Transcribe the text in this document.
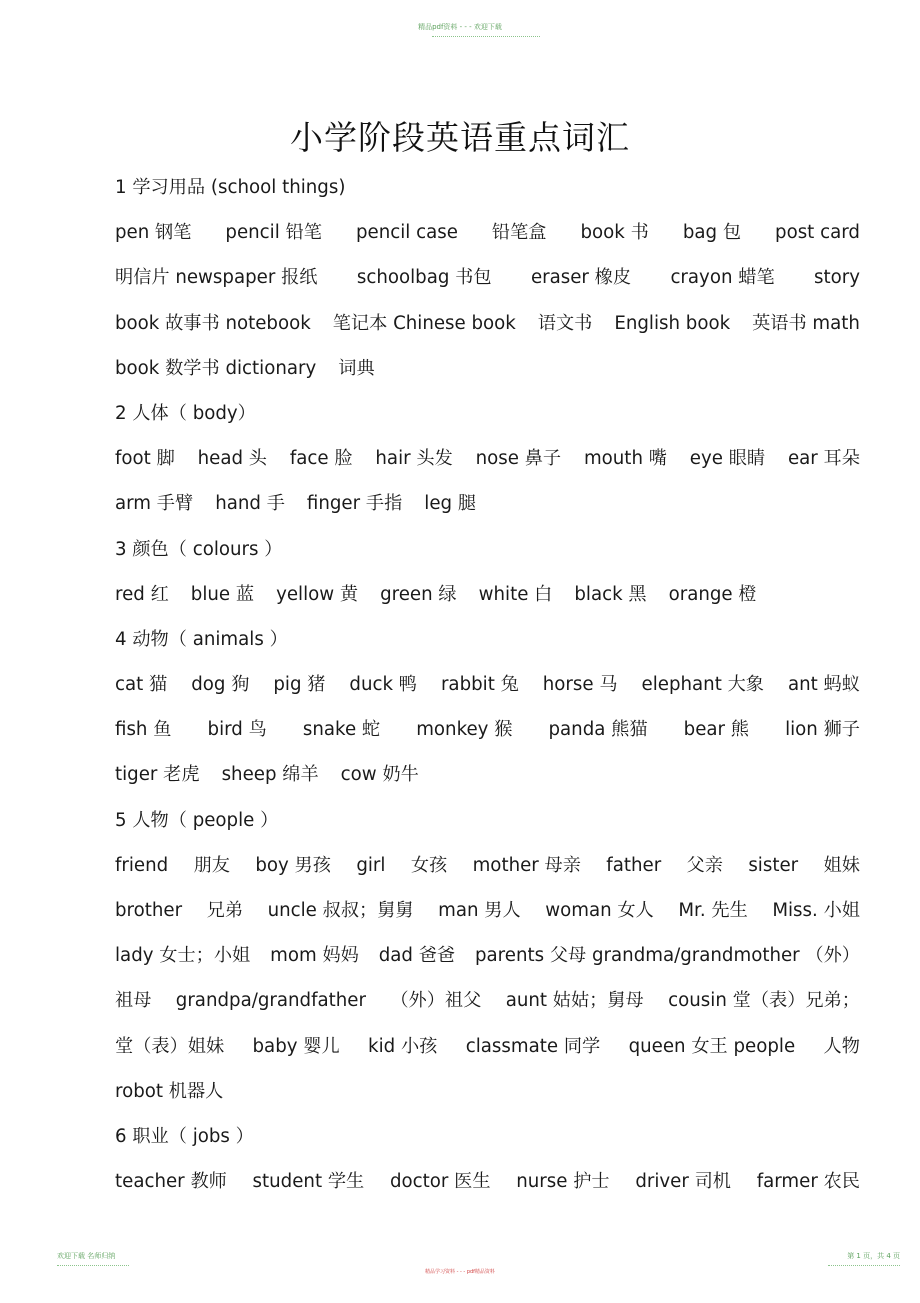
精品pdf资料 - - - 欢迎下载
小学阶段英语重点词汇
1 学习用品 (school things)
pen 钢笔 pencil 铅笔 pencil case 铅笔盒 book 书 bag 包 post card
明信片 newspaper 报纸 schoolbag 书包 eraser 橡皮 crayon 蜡笔 story
book 故事书 notebook 笔记本 Chinese book 语文书 English book 英语书 math
book 数学书 dictionary 词典
2 人体（ body）
foot 脚 head 头 face 脸 hair 头发 nose 鼻子 mouth 嘴 eye 眼睛 ear 耳朵
arm 手臂 hand 手 finger 手指 leg 腿
3 颜色（ colours ）
red 红 blue 蓝 yellow 黄 green 绿 white 白 black 黑 orange 橙
4 动物（ animals ）
cat 猫 dog 狗 pig 猪 duck 鸭 rabbit 兔 horse 马 elephant 大象 ant 蚂蚁
fish 鱼 bird 鸟 snake 蛇 monkey 猴 panda 熊猫 bear 熊 lion 狮子
tiger 老虎 sheep 绵羊 cow 奶牛
5 人物（ people ）
friend 朋友 boy 男孩 girl 女孩 mother 母亲 father 父亲 sister 姐妹
brother 兄弟 uncle 叔叔；舅舅 man 男人 woman 女人 Mr. 先生 Miss. 小姐
lady 女士；小姐 mom 妈妈 dad 爸爸 parents 父母 grandma/grandmother （外）
祖母 grandpa/grandfather （外）祖父 aunt 姑姑；舅母 cousin 堂（表）兄弟；
堂（表）姐妹 baby 婴儿 kid 小孩 classmate 同学 queen 女王 people 人物
robot 机器人
6 职业（ jobs ）
teacher 教师 student 学生 doctor 医生 nurse 护士 driver 司机 farmer 农民
欢迎下载 名师归纳	第 1 页，共 4 页
精品学习资料 - - - pdf精品资料
